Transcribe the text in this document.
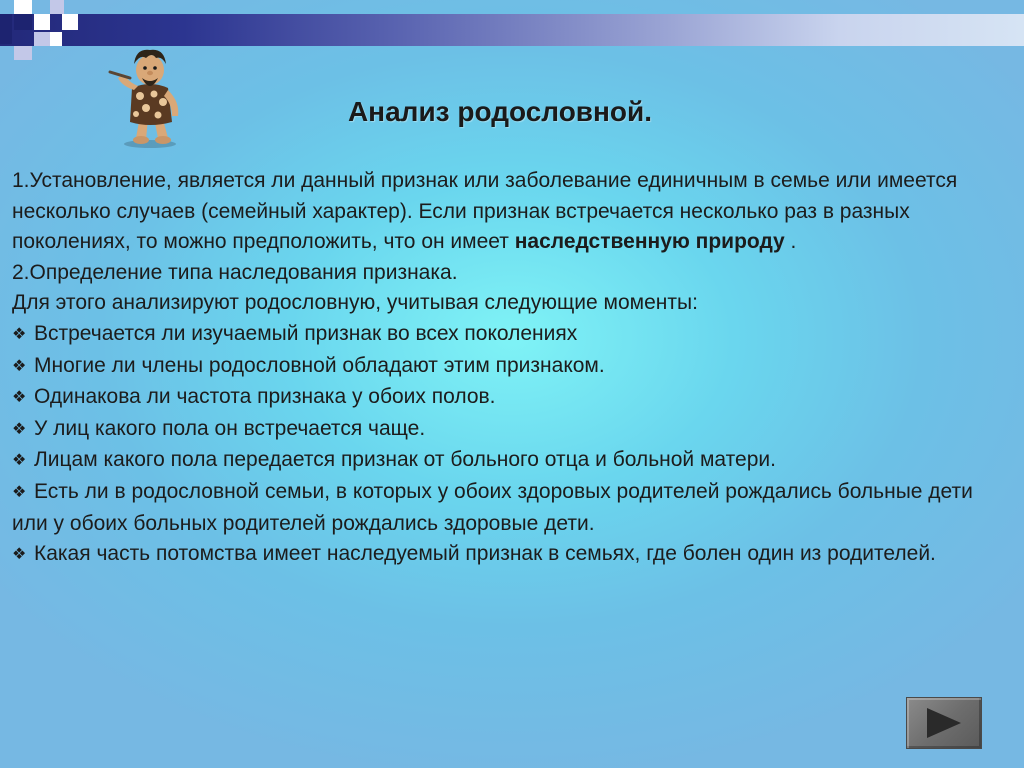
Анализ родословной.

1.Установление, является ли данный признак или заболевание единичным в семье или имеется несколько случаев (семейный характер). Если признак встречается несколько раз в разных поколениях, то можно предположить, что он имеет наследственную природу .

2.Определение типа наследования признака.

Для этого анализируют родословную, учитывая следующие моменты:

❖ Встречается ли изучаемый признак во всех поколениях

❖ Многие ли члены родословной обладают этим признаком.

❖ Одинакова ли частота признака у обоих полов.

❖ У лиц какого пола он встречается чаще.

❖ Лицам какого пола передается признак от больного отца и больной матери.

❖ Есть ли в родословной семьи, в которых у обоих здоровых родителей рождались больные дети или у обоих больных родителей рождались здоровые дети.

❖ Какая часть потомства имеет наследуемый признак в семьях, где болен один из родителей.
